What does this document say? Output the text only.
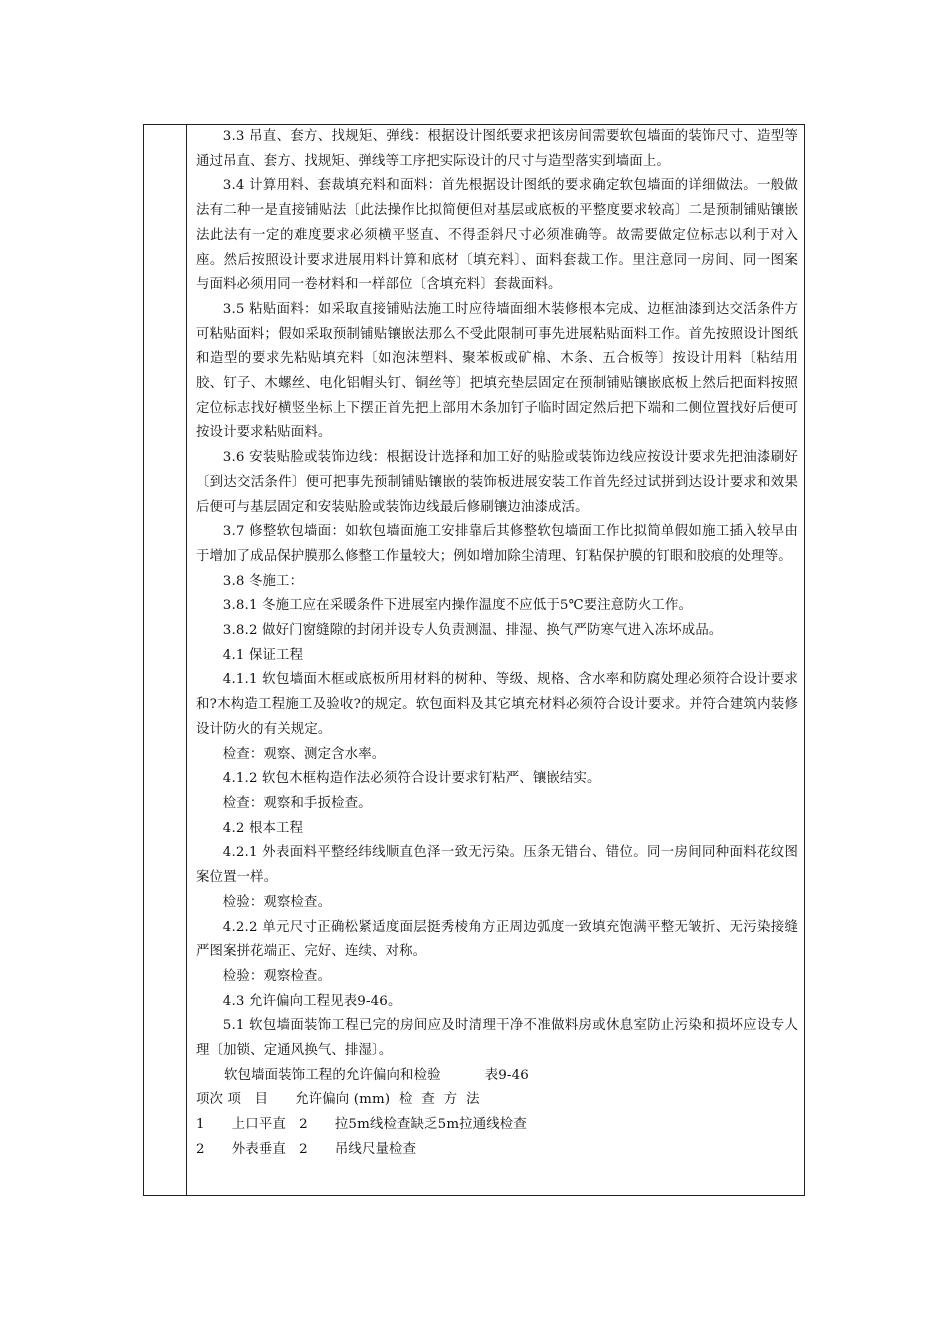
3.3 吊直、套方、找规矩、弹线：根据设计图纸要求把该房间需要软包墙面的装饰尺寸、造型等通过吊直、套方、找规矩、弹线等工序把实际设计的尺寸与造型落实到墙面上。

3.4 计算用料、套裁填充料和面料：首先根据设计图纸的要求确定软包墙面的详细做法。一般做法有二种一是直接铺贴法〔此法操作比拟简便但对基层或底板的平整度要求较高〕二是预制铺贴镶嵌法此法有一定的难度要求必须横平竖直、不得歪斜尺寸必须准确等。故需要做定位标志以利于对入座。然后按照设计要求进展用料计算和底材〔填充料〕、面料套裁工作。里注意同一房间、同一图案与面料必须用同一卷材料和一样部位〔含填充料〕套裁面料。

3.5 粘贴面料：如采取直接铺贴法施工时应待墙面细木装修根本完成、边框油漆到达交活条件方可粘贴面料；假如采取预制铺贴镶嵌法那么不受此限制可事先进展粘贴面料工作。首先按照设计图纸和造型的要求先粘贴填充料〔如泡沫塑料、聚苯板或矿棉、木条、五合板等〕按设计用料〔粘结用胶、钉子、木螺丝、电化铝帽头钉、铜丝等〕把填充垫层固定在预制铺贴镶嵌底板上然后把面料按照定位标志找好横竖坐标上下摆正首先把上部用木条加钉子临时固定然后把下端和二侧位置找好后便可按设计要求粘贴面料。

3.6 安装贴脸或装饰边线：根据设计选择和加工好的贴脸或装饰边线应按设计要求先把油漆刷好〔到达交活条件〕便可把事先预制铺贴镶嵌的装饰板进展安装工作首先经过试拼到达设计要求和效果后便可与基层固定和安装贴脸或装饰边线最后修刷镶边油漆成活。

3.7 修整软包墙面：如软包墙面施工安排靠后其修整软包墙面工作比拟简单假如施工插入较早由于增加了成品保护膜那么修整工作量较大；例如增加除尘清理、钉粘保护膜的钉眼和胶痕的处理等。

3.8 冬施工：

3.8.1 冬施工应在采暖条件下进展室内操作温度不应低于5℃要注意防火工作。

3.8.2 做好门窗缝隙的封闭并设专人负责测温、排湿、换气严防寒气进入冻坏成品。

4.1 保证工程

4.1.1 软包墙面木框或底板所用材料的树种、等级、规格、含水率和防腐处理必须符合设计要求和?木构造工程施工及验收?的规定。软包面料及其它填充材料必须符合设计要求。并符合建筑内装修设计防火的有关规定。

检查：观察、测定含水率。

4.1.2 软包木框构造作法必须符合设计要求钉粘严、镶嵌结实。

检查：观察和手扳检查。

4.2 根本工程

4.2.1 外表面料平整经纬线顺直色泽一致无污染。压条无错台、错位。同一房间同种面料花纹图案位置一样。

检验：观察检查。

4.2.2 单元尺寸正确松紧适度面层挺秀棱角方正周边弧度一致填充饱满平整无皱折、无污染接缝严图案拼花端正、完好、连续、对称。

检验：观察检查。

4.3 允许偏向工程见表9-46。

5.1 软包墙面装饰工程已完的房间应及时清理干净不准做料房或休息室防止污染和损坏应设专人理〔加锁、定通风换气、排湿〕。

软包墙面装饰工程的允许偏向和检验          表9-46

项次 项　目　　允许偏向 (mm)  检  查  方  法

1　　上口平直   2　　拉5m线检查缺乏5m拉通线检查

2　　外表垂直   2　　吊线尺量检查
